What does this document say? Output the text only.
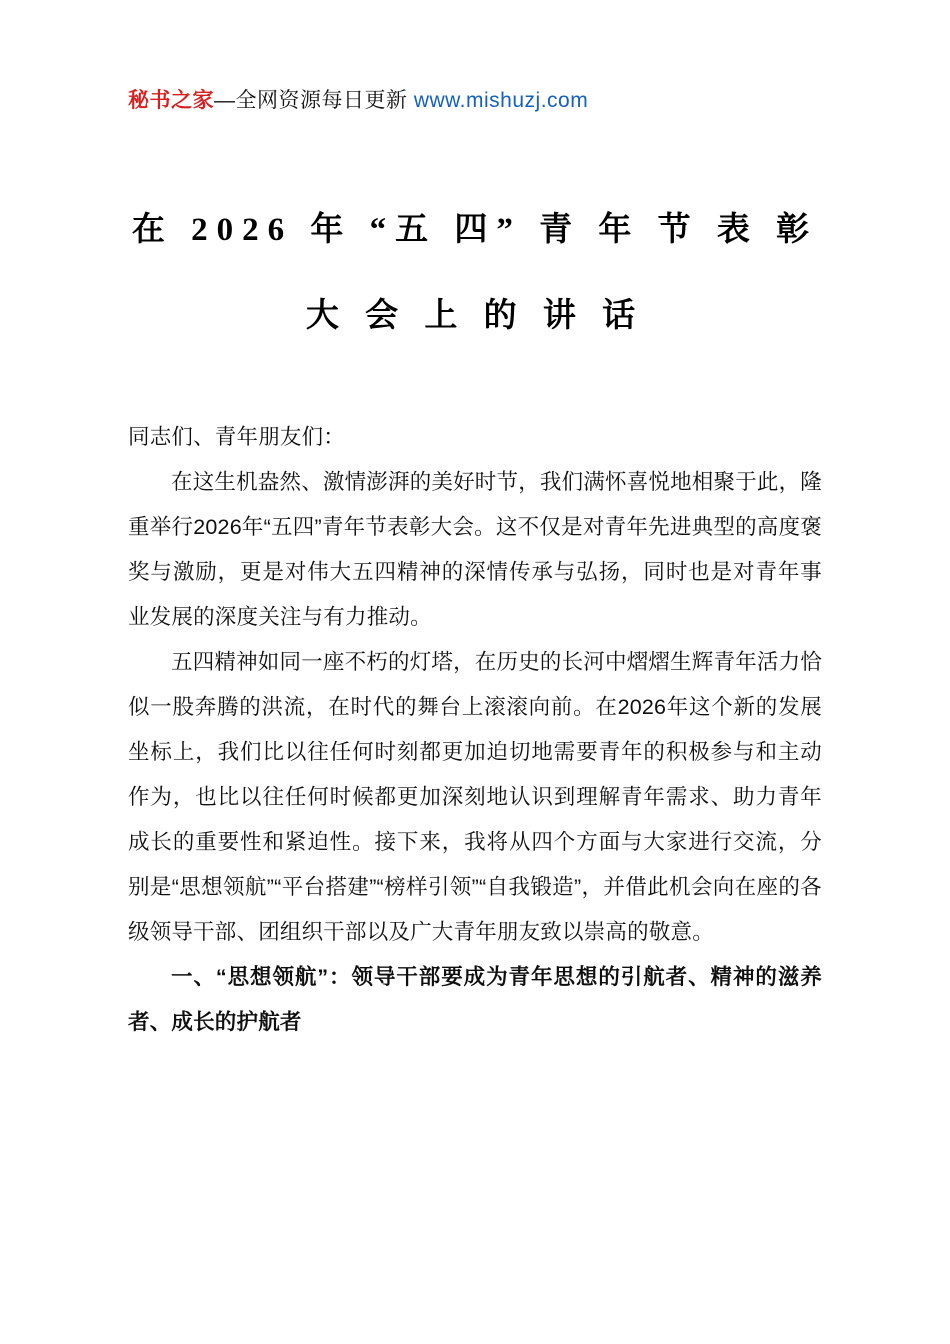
秘书之家—全网资源每日更新 www.mishuzj.com
在 2026 年 “五 四” 青 年 节 表 彰
大 会 上 的 讲 话

同志们、青年朋友们：

在这生机盎然、激情澎湃的美好时节，我们满怀喜悦地相聚于此，隆重举行2026年“五四”青年节表彰大会。这不仅是对青年先进典型的高度褒奖与激励，更是对伟大五四精神的深情传承与弘扬，同时也是对青年事业发展的深度关注与有力推动。

五四精神如同一座不朽的灯塔，在历史的长河中熠熠生辉青年活力恰似一股奔腾的洪流，在时代的舞台上滚滚向前。在2026年这个新的发展坐标上，我们比以往任何时刻都更加迫切地需要青年的积极参与和主动作为，也比以往任何时候都更加深刻地认识到理解青年需求、助力青年成长的重要性和紧迫性。接下来，我将从四个方面与大家进行交流，分别是“思想领航”“平台搭建”“榜样引领”“自我锻造”，并借此机会向在座的各级领导干部、团组织干部以及广大青年朋友致以崇高的敬意。

一、“思想领航”：领导干部要成为青年思想的引航者、精神的滋养者、成长的护航者
